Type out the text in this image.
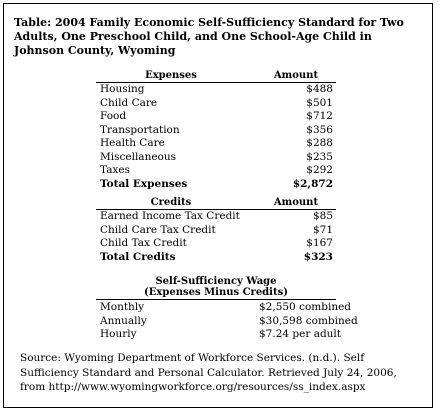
Table: 2004 Family Economic Self-Sufficiency Standard for Two Adults, One Preschool Child, and One School-Age Child in Johnson County, Wyoming
Expenses	Amount
Housing	$488
Child Care	$501
Food	$712
Transportation	$356
Health Care	$288
Miscellaneous	$235
Taxes	$292
Total Expenses	$2,872
Credits	Amount
Earned Income Tax Credit	$85
Child Care Tax Credit	$71
Child Tax Credit	$167
Total Credits	$323
Self-Sufficiency Wage
(Expenses Minus Credits)
Monthly	$2,550 combined
Annually	$30,598 combined
Hourly	$7.24 per adult
Source: Wyoming Department of Workforce Services. (n.d.). Self Sufficiency Standard and Personal Calculator. Retrieved July 24, 2006, from http://www.wyomingworkforce.org/resources/ss_index.aspx
